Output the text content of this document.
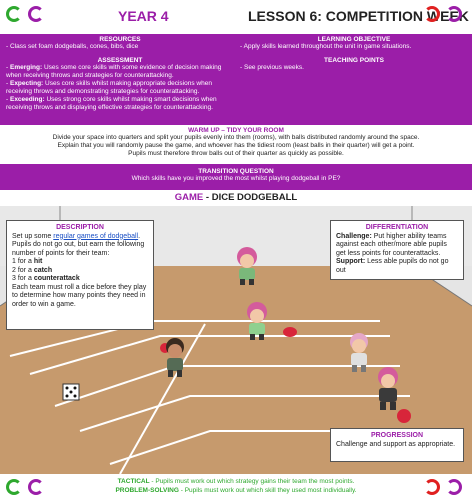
YEAR 4	LESSON 6: COMPETITION WEEK
RESOURCES
- Class set foam dodgeballs, cones, bibs, dice
ASSESSMENT
- Emerging: Uses some core skills with some evidence of decision making when receiving throws and strategies for counterattacking.
- Expecting: Uses core skills whilst making appropriate decisions when receiving throws and demonstrating strategies for counterattacking.
- Exceeding: Uses strong core skills whilst making smart decisions when receiving throws and displaying effective strategies for counterattacking.
LEARNING OBJECTIVE
- Apply skills learned throughout the unit in game situations.
TEACHING POINTS
- See previous weeks.
WARM UP – TIDY YOUR ROOM
Divide your space into quarters and split your pupils evenly into them (rooms), with balls distributed randomly around the space.
Explain that you will randomly pause the game, and whoever has the tidiest room (least balls in their quarter) will get a point.
Pupils must therefore throw balls out of their quarter as quickly as possible.
TRANSITION QUESTION
Which skills have you improved the most whilst playing dodgeball in PE?
GAME - DICE DODGEBALL
DESCRIPTION
Set up some regular games of dodgeball. Pupils do not go out, but earn the following number of points for their team:
1 for a hit
2 for a catch
3 for a counterattack
Each team must roll a dice before they play to determine how many points they need in order to win a game.
DIFFERENTIATION
Challenge: Put higher ability teams against each other/more able pupils get less points for counterattacks.
Support: Less able pupils do not go out
PROGRESSION
Challenge and support as appropriate.
TACTICAL - Pupils must work out which strategy gains their team the most points.
PROBLEM-SOLVING - Pupils must work out which skill they used most individually.
